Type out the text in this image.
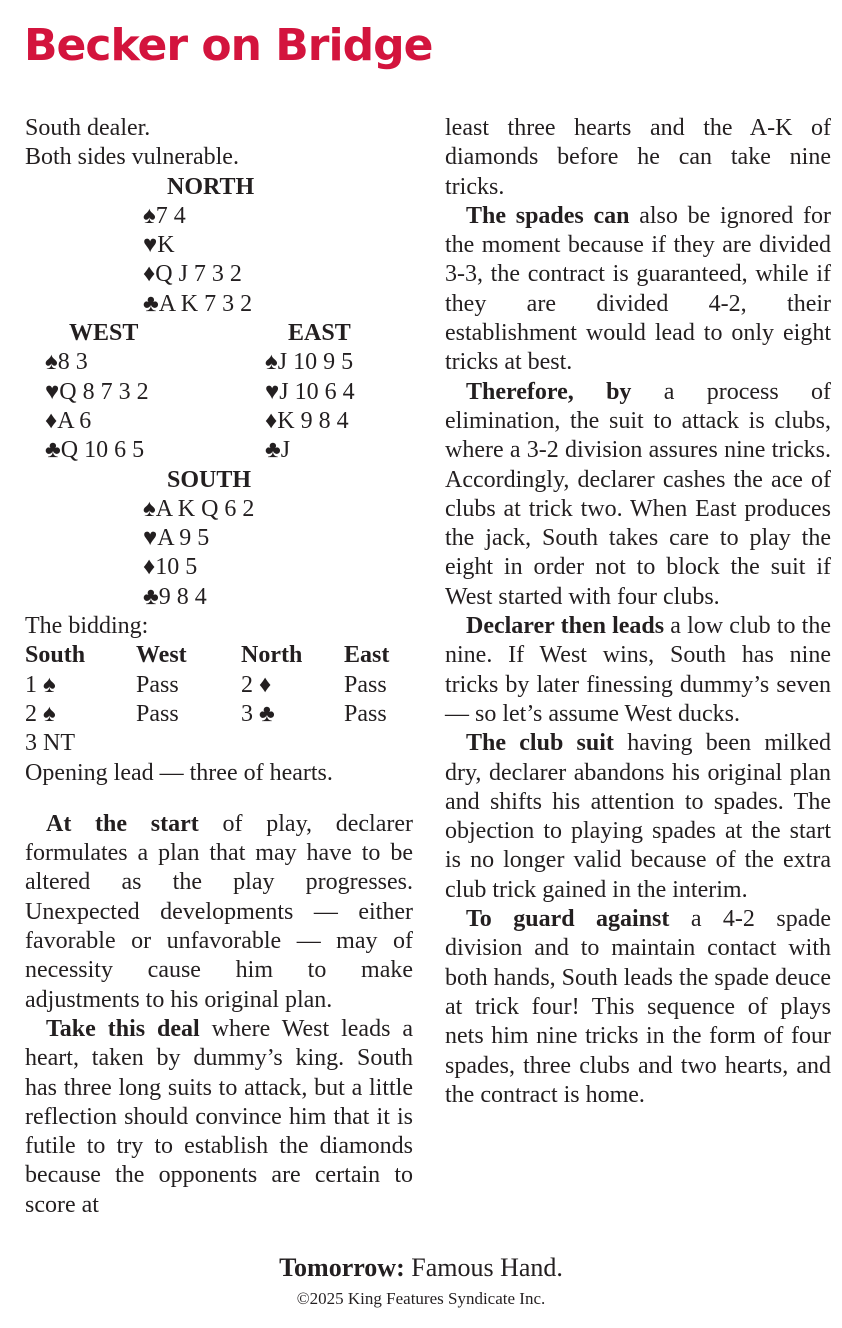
Becker on Bridge
South dealer.
Both sides vulnerable.
NORTH
♠7 4
♥K
♦Q J 7 3 2
♣A K 7 3 2
WEST	EAST
♠8 3	♠J 10 9 5
♥Q 8 7 3 2	♥J 10 6 4
♦A 6	♦K 9 8 4
♣Q 10 6 5	♣J
SOUTH
♠A K Q 6 2
♥A 9 5
♦10 5
♣9 8 4
The bidding:
South West North East
1 ♠	Pass	2 ♦	Pass
2 ♠	Pass	3 ♣	Pass
3 NT
Opening lead — three of hearts.

At the start of play, declarer formulates a plan that may have to be altered as the play progresses. Unexpected developments — either favorable or unfavorable — may of necessity cause him to make adjustments to his original plan.

Take this deal where West leads a heart, taken by dummy’s king. South has three long suits to attack, but a little reflection should convince him that it is futile to try to establish the diamonds because the opponents are certain to score at

least three hearts and the A-K of diamonds before he can take nine tricks.

The spades can also be ignored for the moment because if they are divided 3-3, the contract is guaranteed, while if they are divided 4-2, their establishment would lead to only eight tricks at best.

Therefore, by a process of elimination, the suit to attack is clubs, where a 3-2 division assures nine tricks. Accordingly, declarer cashes the ace of clubs at trick two. When East produces the jack, South takes care to play the eight in order not to block the suit if West started with four clubs.

Declarer then leads a low club to the nine. If West wins, South has nine tricks by later finessing dummy’s seven — so let’s assume West ducks.

The club suit having been milked dry, declarer abandons his original plan and shifts his attention to spades. The objection to playing spades at the start is no longer valid because of the extra club trick gained in the interim.

To guard against a 4-2 spade division and to maintain contact with both hands, South leads the spade deuce at trick four! This sequence of plays nets him nine tricks in the form of four spades, three clubs and two hearts, and the contract is home.

Tomorrow: Famous Hand.
©2025 King Features Syndicate Inc.
